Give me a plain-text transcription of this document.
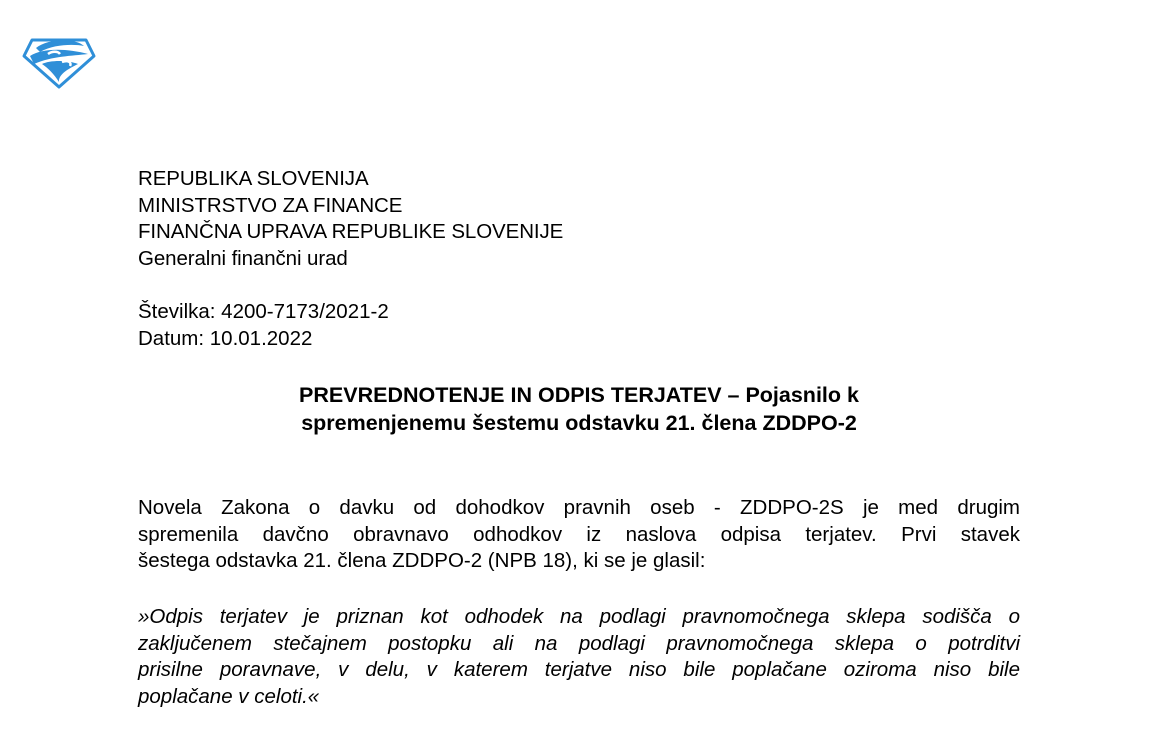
REPUBLIKA SLOVENIJA
MINISTRSTVO ZA FINANCE
FINANČNA UPRAVA REPUBLIKE SLOVENIJE
Generalni finančni urad
Številka: 4200-7173/2021-2
Datum: 10.01.2022
PREVREDNOTENJE IN ODPIS TERJATEV – Pojasnilo k
spremenjenemu šestemu odstavku 21. člena ZDDPO-2
Novela Zakona o davku od dohodkov pravnih oseb - ZDDPO-2S je med drugim
spremenila davčno obravnavo odhodkov iz naslova odpisa terjatev. Prvi stavek
šestega odstavka 21. člena ZDDPO-2 (NPB 18), ki se je glasil:
»Odpis terjatev je priznan kot odhodek na podlagi pravnomočnega sklepa sodišča o
zaključenem stečajnem postopku ali na podlagi pravnomočnega sklepa o potrditvi
prisilne poravnave, v delu, v katerem terjatve niso bile poplačane oziroma niso bile
poplačane v celoti.«
